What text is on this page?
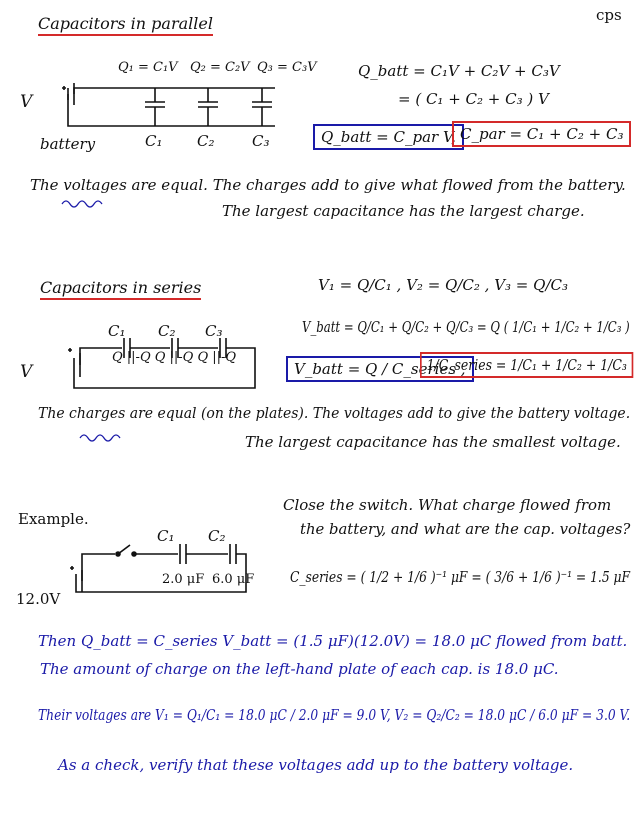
cps
Capacitors in parallel
Q₁ = C₁V Q₂ = C₂V Q₃ = C₃V
V
battery	C₁ C₂	C₃
Q_batt = C₁V + C₂V + C₃V
= ( C₁ + C₂ + C₃ ) V
Q_batt = C_par V, C_par = C₁ + C₂ + C₃
The voltages are equal. The charges add to give what flowed from the battery.
The largest capacitance has the largest charge.
Capacitors in series	V₁ = Q/C₁ , V₂ = Q/C₂ , V₃ = Q/C₃
V_batt = Q/C₁ + Q/C₂ + Q/C₃ = Q ( 1/C₁ + 1/C₂ + 1/C₃ )
C₁ C₂ C₃
V
Q ||-Q Q ||-Q Q ||-Q
V_batt = Q / C_series ,
1/C_series = 1/C₁ + 1/C₂ + 1/C₃
The charges are equal (on the plates). The voltages add to give the battery voltage.
The largest capacitance has the smallest voltage.
Example.
Close the switch. What charge flowed from
the battery, and what are the cap. voltages?
C₁ C₂
12.0V
2.0 μF 6.0 μF C_series = ( 1/2 + 1/6 )⁻¹ μF = ( 3/6 + 1/6 )⁻¹ = 1.5 μF
Then Q_batt = C_series V_batt = (1.5 μF)(12.0V) = 18.0 μC flowed from batt.
The amount of charge on the left-hand plate of each cap. is 18.0 μC.
Their voltages are V₁ = Q₁/C₁ = 18.0 μC / 2.0 μF = 9.0 V, V₂ = Q₂/C₂ = 18.0 μC / 6.0 μF = 3.0 V.
As a check, verify that these voltages add up to the battery voltage.
